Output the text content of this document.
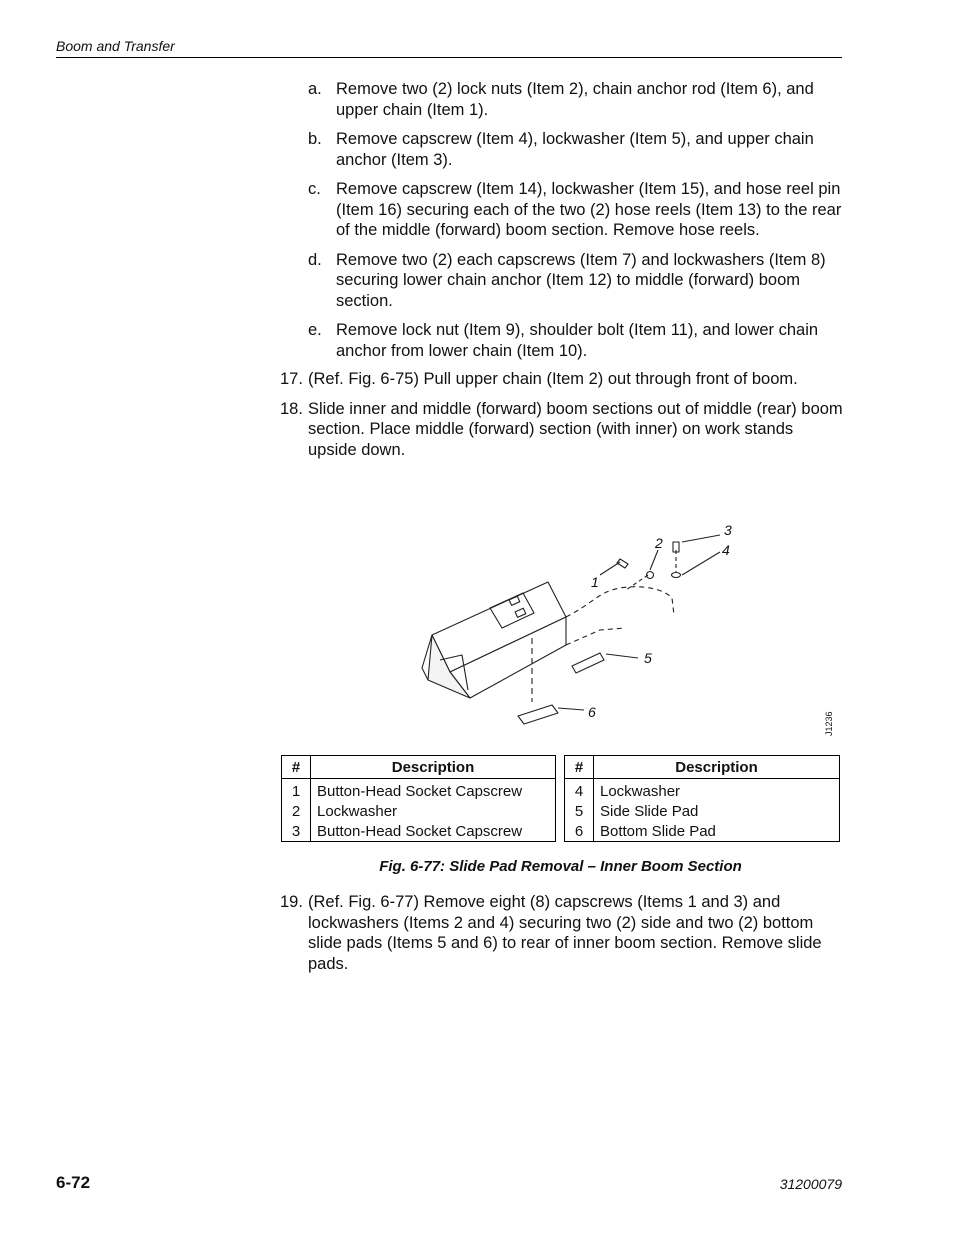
Boom and Transfer
a. Remove two (2) lock nuts (Item 2), chain anchor rod (Item 6), and upper chain (Item 1).
b. Remove capscrew (Item 4), lockwasher (Item 5), and upper chain anchor (Item 3).
c. Remove capscrew (Item 14), lockwasher (Item 15), and hose reel pin (Item 16) securing each of the two (2) hose reels (Item 13) to the rear of the middle (forward) boom section. Remove hose reels.
d. Remove two (2) each capscrews (Item 7) and lockwashers (Item 8) securing lower chain anchor (Item 12) to middle (forward) boom section.
e. Remove lock nut (Item 9), shoulder bolt (Item 11), and lower chain anchor from lower chain (Item 10).
17. (Ref. Fig. 6-75) Pull upper chain (Item 2) out through front of boom.
18. Slide inner and middle (forward) boom sections out of middle (rear) boom section. Place middle (forward) section (with inner) on work stands upside down.
1
2
3
4
5
6	J1236
#	Description
1	Button-Head Socket Capscrew
2	Lockwasher
3	Button-Head Socket Capscrew
#	Description
4	Lockwasher
5	Side Slide Pad
6	Bottom Slide Pad
Fig. 6-77: Slide Pad Removal – Inner Boom Section
19. (Ref. Fig. 6-77) Remove eight (8) capscrews (Items 1 and 3) and lockwashers (Items 2 and 4) securing two (2) side and two (2) bottom slide pads (Items 5 and 6) to rear of inner boom section. Remove slide pads.
6-72	31200079
